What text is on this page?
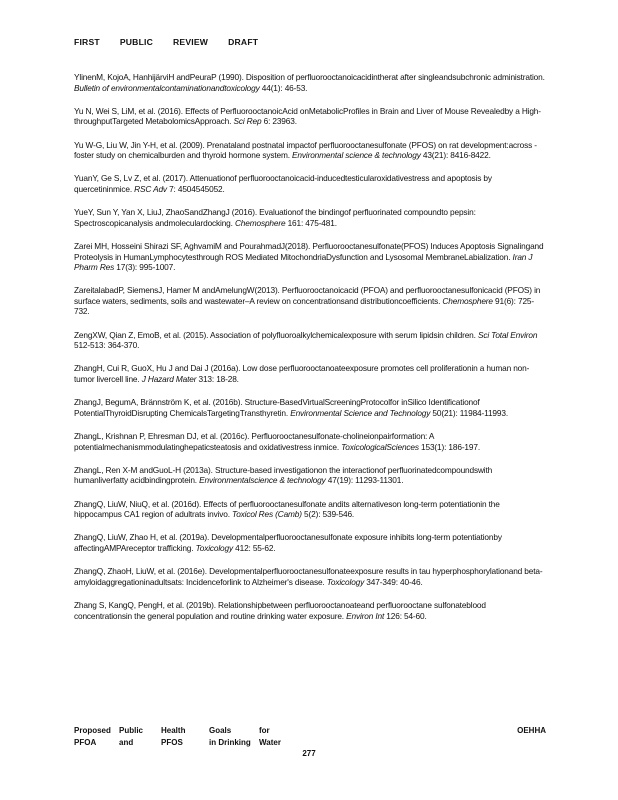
FIRST PUBLIC REVIEW DRAFT

YlinenM, KojoA, HanhijärviH andPeuraP (1990). Disposition of perfluorooctanoicacidintherat after singleandsubchronic administration. Bulletin of environmentalcontaminationandtoxicology 44(1): 46-53.

Yu N, Wei S, LiM, et al. (2016). Effects of PerfluorooctanoicAcid onMetabolicProfiles in Brain and Liver of Mouse Revealedby a High-throughputTargeted MetabolomicsApproach. Sci Rep 6: 23963.

Yu W-G, Liu W, Jin Y-H, et al. (2009). Prenataland postnatal impactof perfluorooctanesulfonate (PFOS) on rat development:across - foster study on chemicalburden and thyroid hormone system. Environmental science & technology 43(21): 8416-8422.

YuanY, Ge S, Lv Z, et al. (2017). Attenuationof perfluorooctanoicacid-inducedtesticularoxidativestress and apoptosis by quercetininmice. RSC Adv 7: 4504545052.

YueY, Sun Y, Yan X, LiuJ, ZhaoSandZhangJ (2016). Evaluationof the bindingof perfluorinated compoundto pepsin: Spectroscopicanalysis andmoleculardocking. Chemosphere 161: 475-481.

Zarei MH, Hosseini Shirazi SF, AghvamiM and PourahmadJ(2018). Perfluorooctanesulfonate(PFOS) Induces Apoptosis Signalingand Proteolysis in HumanLymphocytesthrough ROS Mediated MitochondriaDysfunction and Lysosomal MembraneLabialization. Iran J Pharm Res 17(3): 995-1007.

ZareitalabadP, SiemensJ, Hamer M andAmelungW(2013). Perfluorooctanoicacid (PFOA) and perfluorooctanesulfonicacid (PFOS) in surface waters, sediments, soils and wastewater–A review on concentrationsand distributioncoefficients. Chemosphere 91(6): 725-732.

ZengXW, Qian Z, EmoB, et al. (2015). Association of polyfluoroalkylchemicalexposure with serum lipidsin children. Sci Total Environ 512-513: 364-370.

ZhangH, Cui R, GuoX, Hu J and Dai J (2016a). Low dose perfluorooctanoateexposure promotes cell proliferationin a human non-tumor livercell line. J Hazard Mater 313: 18-28.

ZhangJ, BegumA, Brännström K, et al. (2016b). Structure-BasedVirtualScreeningProtocolfor inSilico Identificationof PotentialThyroidDisrupting ChemicalsTargetingTransthyretin. Environmental Science and Technology 50(21): 11984-11993.

ZhangL, Krishnan P, Ehresman DJ, et al. (2016c). Perfluorooctanesulfonate-cholineionpairformation: A potentialmechanismmodulatinghepaticsteatosis and oxidativestress inmice. ToxicologicalSciences 153(1): 186-197.

ZhangL, Ren X-M andGuoL-H (2013a). Structure-based investigationon the interactionof perfluorinatedcompoundswith humanliverfatty acidbindingprotein. Environmentalscience & technology 47(19): 11293-11301.

ZhangQ, LiuW, NiuQ, et al. (2016d). Effects of perfluorooctanesulfonate andits alternativeson long-term potentiationin the hippocampus CA1 region of adultrats invivo. Toxicol Res (Camb) 5(2): 539-546.

ZhangQ, LiuW, Zhao H, et al. (2019a). Developmentalperfluorooctanesulfonate exposure inhibits long-term potentiationby affectingAMPAreceptor trafficking. Toxicology 412: 55-62.

ZhangQ, ZhaoH, LiuW, et al. (2016e). Developmentalperfluorooctanesulfonateexposure results in tau hyperphosphorylationand beta-amyloidaggregationinadultsats: Incidenceforlink to Alzheimer's disease. Toxicology 347-349: 40-46.

Zhang S, KangQ, PengH, et al. (2019b). Relationshipbetween perfluorooctanoateand perfluorooctane sulfonateblood concentrationsin the general population and routine drinking water exposure. Environ Int 126: 54-60.

Proposed	Public	Health	Goals	for
PFOA	and	PFOS	in Drinking	Water
OEHHA
277
